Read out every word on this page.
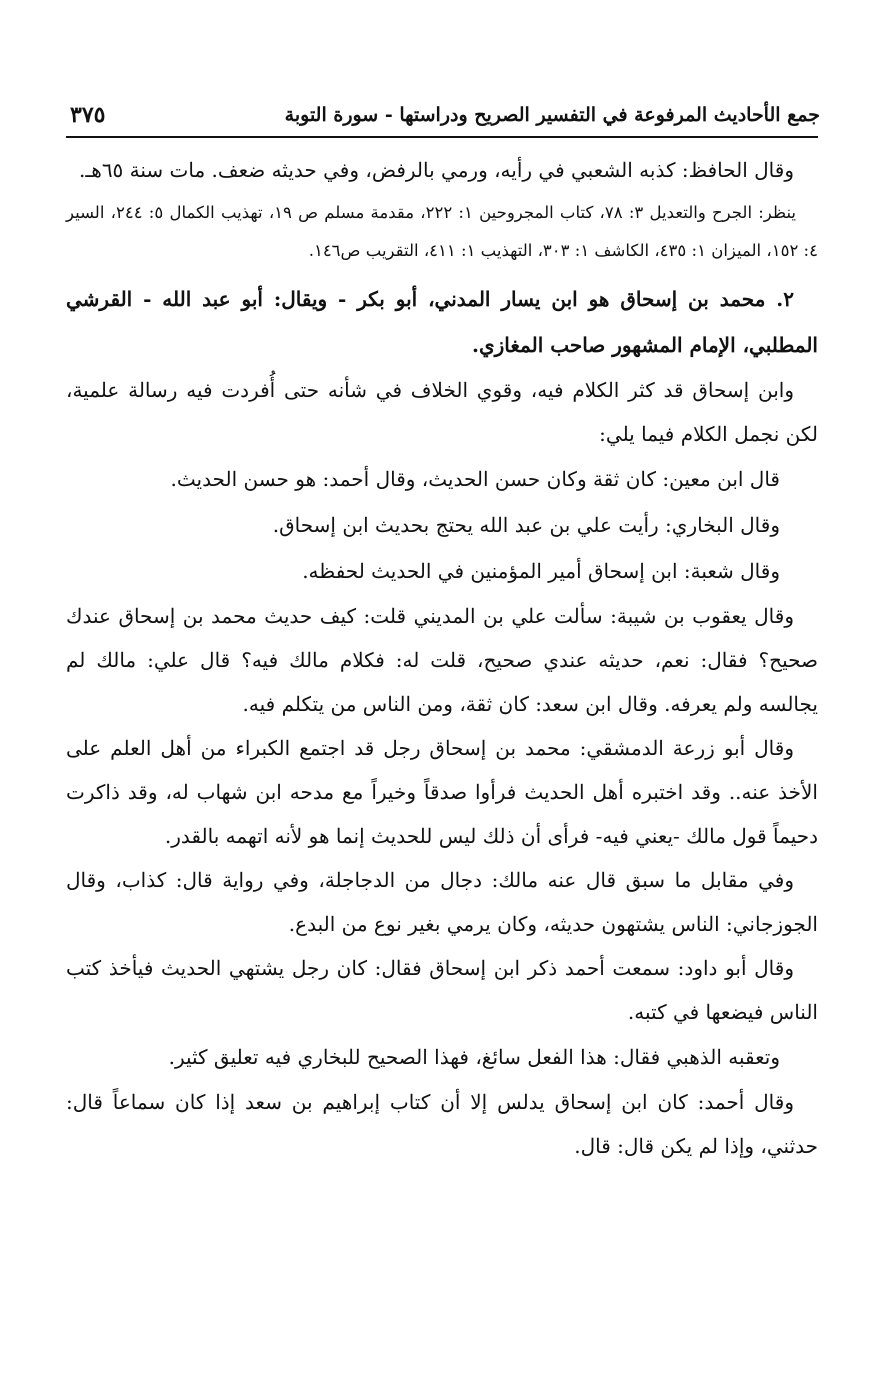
جمع الأحاديث المرفوعة في التفسير الصريح ودراستها - سورة التوبة
٣٧٥

وقال الحافظ: كذبه الشعبي في رأيه، ورمي بالرفض، وفي حديثه ضعف. مات سنة ٦٥هـ.

ينظر: الجرح والتعديل ٣: ٧٨، كتاب المجروحين ١: ٢٢٢، مقدمة مسلم ص ١٩، تهذيب الكمال ٥: ٢٤٤، السير ٤: ١٥٢، الميزان ١: ٤٣٥، الكاشف ١: ٣٠٣، التهذيب ١: ٤١١، التقريب ص١٤٦.

٢. محمد بن إسحاق هو ابن يسار المدني، أبو بكر - ويقال: أبو عبد الله - القرشي المطلبي، الإمام المشهور صاحب المغازي.

وابن إسحاق قد كثر الكلام فيه، وقوي الخلاف في شأنه حتى أُفردت فيه رسالة علمية، لكن نجمل الكلام فيما يلي:

قال ابن معين: كان ثقة وكان حسن الحديث، وقال أحمد: هو حسن الحديث.

وقال البخاري: رأيت علي بن عبد الله يحتج بحديث ابن إسحاق.

وقال شعبة: ابن إسحاق أمير المؤمنين في الحديث لحفظه.

وقال يعقوب بن شيبة: سألت علي بن المديني قلت: كيف حديث محمد بن إسحاق عندك صحيح؟ فقال: نعم، حديثه عندي صحيح، قلت له: فكلام مالك فيه؟ قال علي: مالك لم يجالسه ولم يعرفه. وقال ابن سعد: كان ثقة، ومن الناس من يتكلم فيه.

وقال أبو زرعة الدمشقي: محمد بن إسحاق رجل قد اجتمع الكبراء من أهل العلم على الأخذ عنه.. وقد اختبره أهل الحديث فرأوا صدقاً وخيراً مع مدحه ابن شهاب له، وقد ذاكرت دحيماً قول مالك -يعني فيه- فرأى أن ذلك ليس للحديث إنما هو لأنه اتهمه بالقدر.

وفي مقابل ما سبق قال عنه مالك: دجال من الدجاجلة، وفي رواية قال: كذاب، وقال الجوزجاني: الناس يشتهون حديثه، وكان يرمي بغير نوع من البدع.

وقال أبو داود: سمعت أحمد ذكر ابن إسحاق فقال: كان رجل يشتهي الحديث فيأخذ كتب الناس فيضعها في كتبه.

وتعقبه الذهبي فقال: هذا الفعل سائغ، فهذا الصحيح للبخاري فيه تعليق كثير.

وقال أحمد: كان ابن إسحاق يدلس إلا أن كتاب إبراهيم بن سعد إذا كان سماعاً قال: حدثني، وإذا لم يكن قال: قال.
